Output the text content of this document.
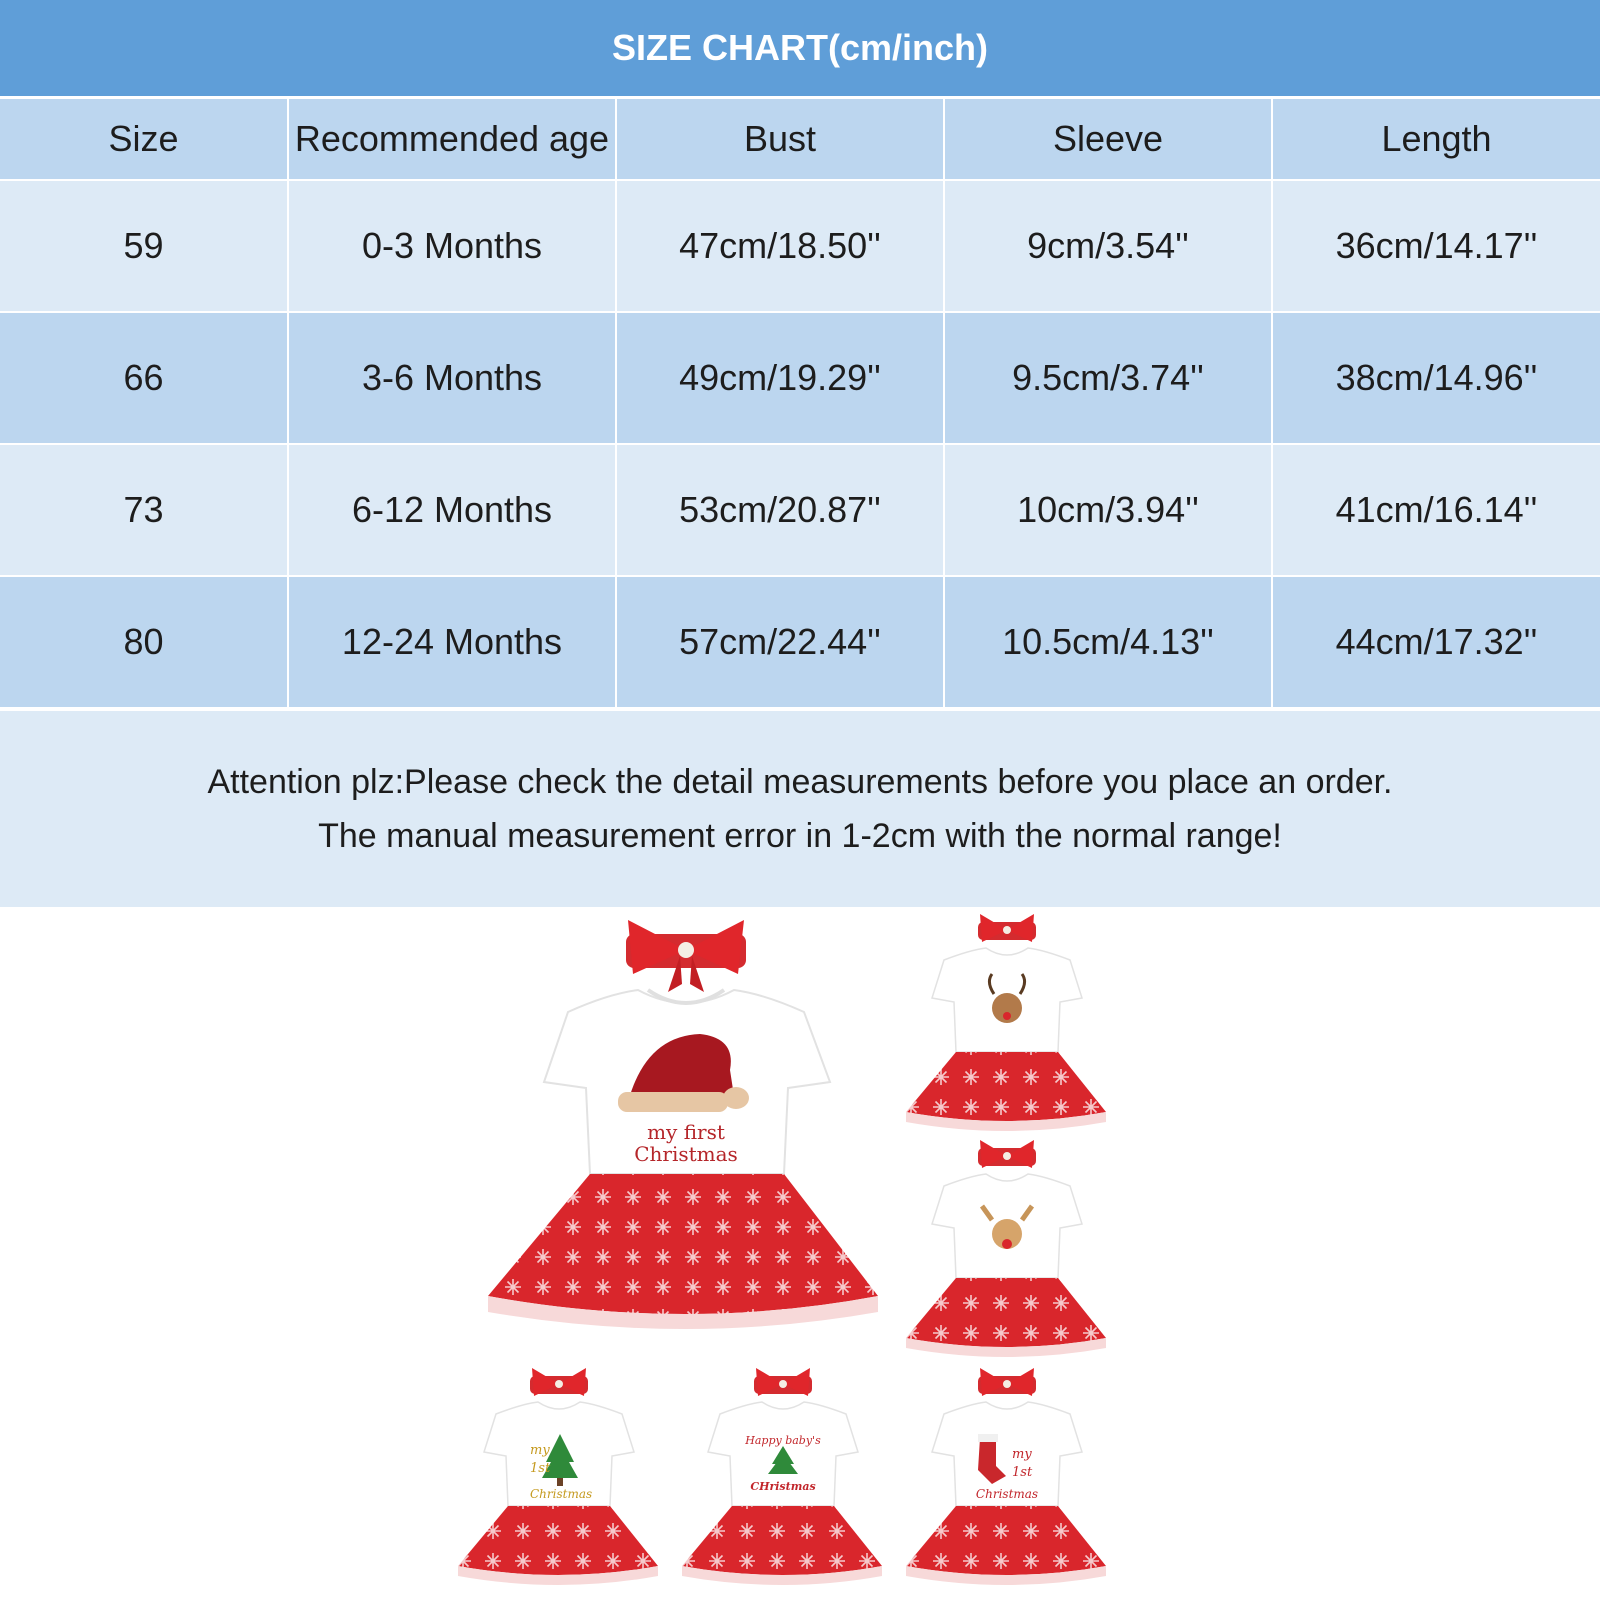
SIZE CHART(cm/inch)
Size	Recommended age	Bust	Sleeve	Length
59	0-3 Months	47cm/18.50''	9cm/3.54''	36cm/14.17''
66	3-6 Months	49cm/19.29''	9.5cm/3.74''	38cm/14.96''
73	6-12 Months	53cm/20.87''	10cm/3.94''	41cm/16.14''
80	12-24 Months	57cm/22.44''	10.5cm/4.13''	44cm/17.32''
Attention plz:Please check the detail measurements before you place an order.
The manual measurement error in 1-2cm with the normal range!
my first
Christmas
my
1st
Christmas
Happy baby's
CHristmas
my
1st
Christmas
